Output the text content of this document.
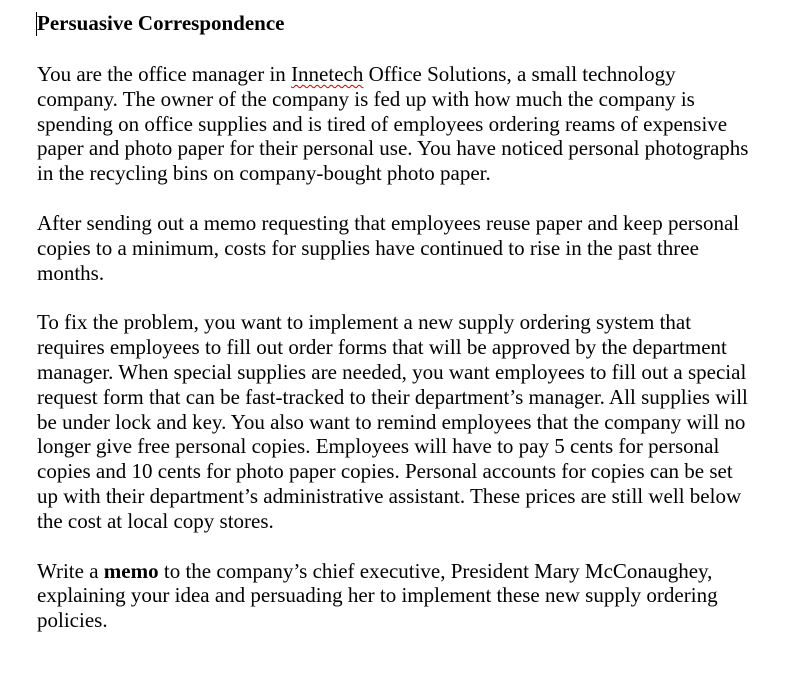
Persuasive Correspondence

You are the office manager in Innetech Office Solutions, a small technology company. The owner of the company is fed up with how much the company is spending on office supplies and is tired of employees ordering reams of expensive paper and photo paper for their personal use. You have noticed personal photographs in the recycling bins on company-bought photo paper.

After sending out a memo requesting that employees reuse paper and keep personal copies to a minimum, costs for supplies have continued to rise in the past three months.

To fix the problem, you want to implement a new supply ordering system that requires employees to fill out order forms that will be approved by the department manager. When special supplies are needed, you want employees to fill out a special request form that can be fast-tracked to their department’s manager. All supplies will be under lock and key. You also want to remind employees that the company will no longer give free personal copies. Employees will have to pay 5 cents for personal copies and 10 cents for photo paper copies. Personal accounts for copies can be set up with their department’s administrative assistant. These prices are still well below the cost at local copy stores.

Write a memo to the company’s chief executive, President Mary McConaughey, explaining your idea and persuading her to implement these new supply ordering policies.
